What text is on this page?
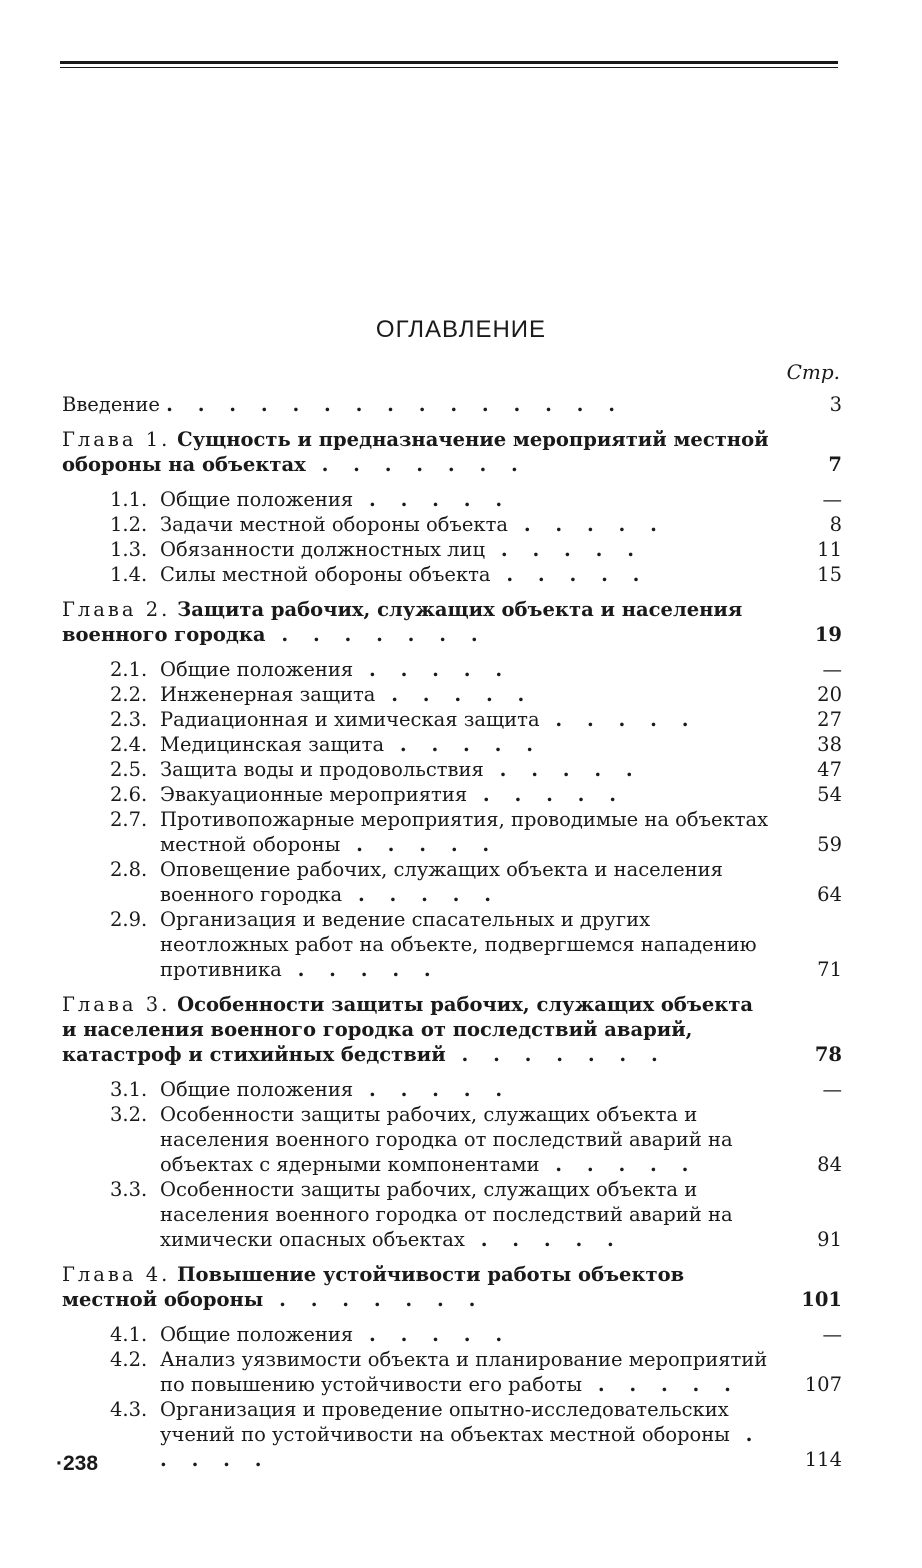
ОГЛАВЛЕНИЕ
Стр.
Введение . . . . . . . . . . . . . . .	3
Глава 1. Сущность и предназначение мероприятий местной обороны на объектах . . . . . . .	7
1.1. Общие положения . . . . .	—
1.2. Задачи местной обороны объекта . . . . .	8
1.3. Обязанности должностных лиц . . . . .	11
1.4. Силы местной обороны объекта . . . . .	15
Глава 2. Защита рабочих, служащих объекта и населения военного городка . . . . . . .	19
2.1. Общие положения . . . . .	—
2.2. Инженерная защита . . . . .	20
2.3. Радиационная и химическая защита . . . . .	27
2.4. Медицинская защита . . . . .	38
2.5. Защита воды и продовольствия . . . . .	47
2.6. Эвакуационные мероприятия . . . . .	54
2.7. Противопожарные мероприятия, проводимые на объектах местной обороны . . . . .	59
2.8. Оповещение рабочих, служащих объекта и населения военного городка . . . . .	64
2.9. Организация и ведение спасательных и других неотложных работ на объекте, подвергшемся нападению противника . . . . .	71
Глава 3. Особенности защиты рабочих, служащих объекта и населения военного городка от последствий аварий, катастроф и стихийных бедствий . . . . . . .	78
3.1. Общие положения . . . . .	—
3.2. Особенности защиты рабочих, служащих объекта и населения военного городка от последствий аварий на объектах с ядерными компонентами . . . . .	84
3.3. Особенности защиты рабочих, служащих объекта и населения военного городка от последствий аварий на химически опасных объектах . . . . .	91
Глава 4. Повышение устойчивости работы объектов местной обороны . . . . . . .	101
4.1. Общие положения . . . . .	—
4.2. Анализ уязвимости объекта и планирование мероприятий по повышению устойчивости его работы . . . . .	107
4.3. Организация и проведение опытно-исследовательских учений по устойчивости на объектах местной обороны . . . . .	114
·238
